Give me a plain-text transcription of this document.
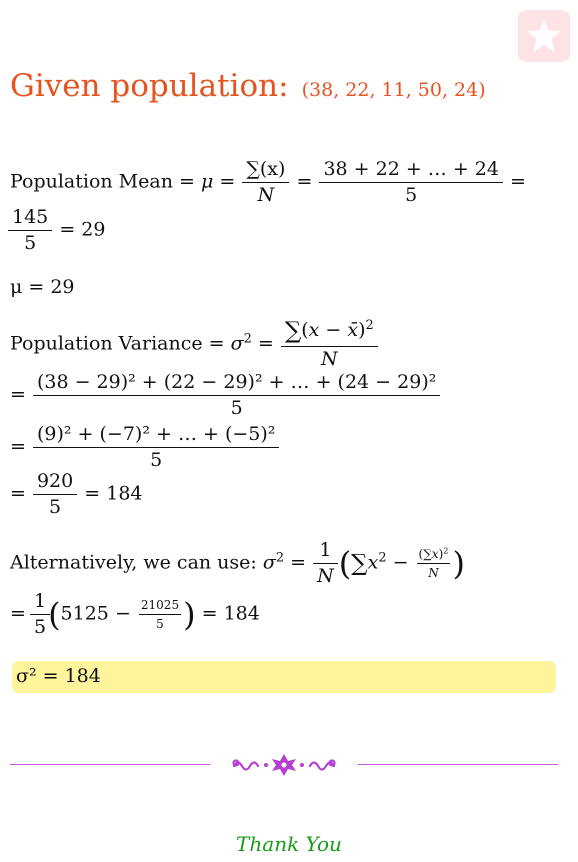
Given population: (38, 22, 11, 50, 24)
Population Mean = $\mu = \frac{\sum(x)}{N} = \frac{38 + 22 + \dots + 24}{5}$ =
$\frac{145}{5} = 29$
μ = 29
Population Variance = $\sigma^2 = \frac{\sum(x - x̄)^2}{N}$
= $\frac{\text{(38 − 29)² + (22 − 29)² + … + (24 − 29)²}}{5}$
= $\frac{\text{(9)² + (−7)² + … + (−5)²}}{5}$
= $\frac{920}{5} = 184$
Alternatively, we can use: $\sigma^2 = \frac{1}{N} (\sum x^2 - \frac{(\sum x)^2}{N}$ )
= $\frac{1}{5} (5125 - \frac{21025}{5}$ ) = 184
σ² = 184
Thank You
